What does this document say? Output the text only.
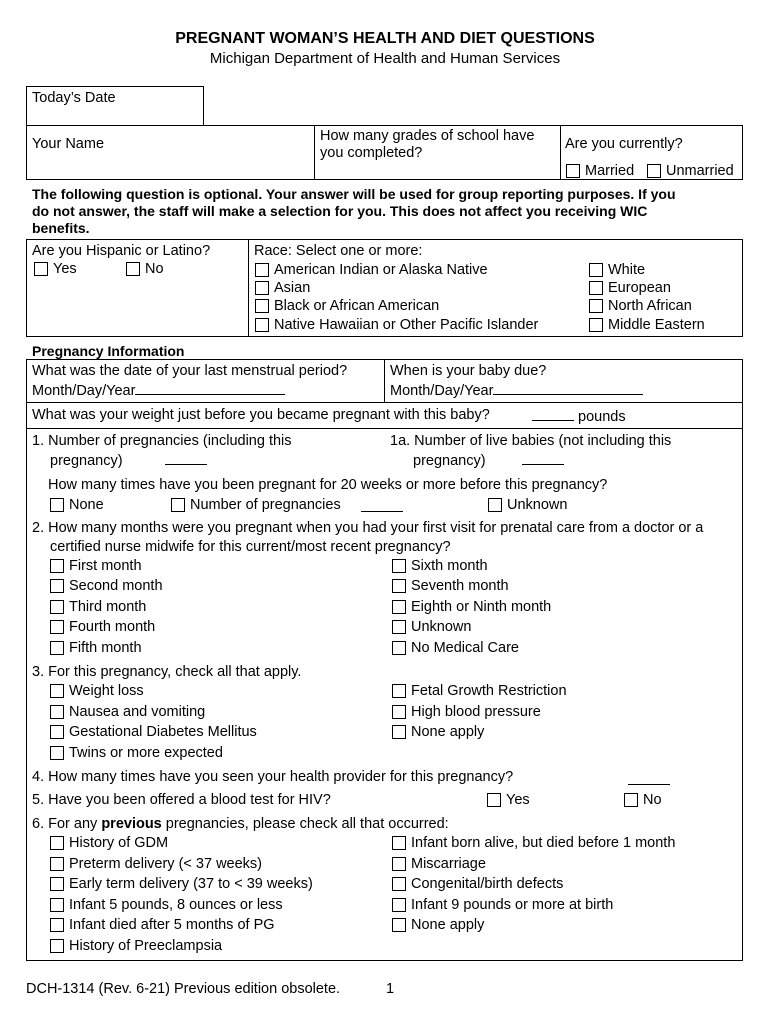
PREGNANT WOMAN’S HEALTH AND DIET QUESTIONS
Michigan Department of Health and Human Services
Today’s Date
Your Name	How many grades of school have
you completed?
Are you currently?
Married Unmarried
The following question is optional. Your answer will be used for group reporting purposes. If you
do not answer, the staff will make a selection for you. This does not affect you receiving WIC
benefits.
Are you Hispanic or Latino?
Yes	No
Race: Select one or more:
American Indian or Alaska Native
Asian
Black or African American
Native Hawaiian or Other Pacific Islander
White
European
North African
Middle Eastern
Pregnancy Information
What was the date of your last menstrual period?
Month/Day/Year
When is your baby due?
Month/Day/Year
What was your weight just before you became pregnant with this baby?	pounds
1. Number of pregnancies (including this
pregnancy)
1a. Number of live babies (not including this
pregnancy)
How many times have you been pregnant for 20 weeks or more before this pregnancy?
None	Number of pregnancies	Unknown
2. How many months were you pregnant when you had your first visit for prenatal care from a doctor or a
certified nurse midwife for this current/most recent pregnancy?
First month
Second month
Third month
Fourth month
Fifth month
Sixth month
Seventh month
Eighth or Ninth month
Unknown
No Medical Care
3. For this pregnancy, check all that apply.
Weight loss
Nausea and vomiting
Gestational Diabetes Mellitus
Twins or more expected
Fetal Growth Restriction
High blood pressure
None apply
4. How many times have you seen your health provider for this pregnancy?
5. Have you been offered a blood test for HIV?	Yes	No
6. For any previous pregnancies, please check all that occurred:
History of GDM
Preterm delivery (< 37 weeks)
Early term delivery (37 to < 39 weeks)
Infant 5 pounds, 8 ounces or less
Infant died after 5 months of PG
History of Preeclampsia
Infant born alive, but died before 1 month
Miscarriage
Congenital/birth defects
Infant 9 pounds or more at birth
None apply
DCH-1314 (Rev. 6-21) Previous edition obsolete.	1
